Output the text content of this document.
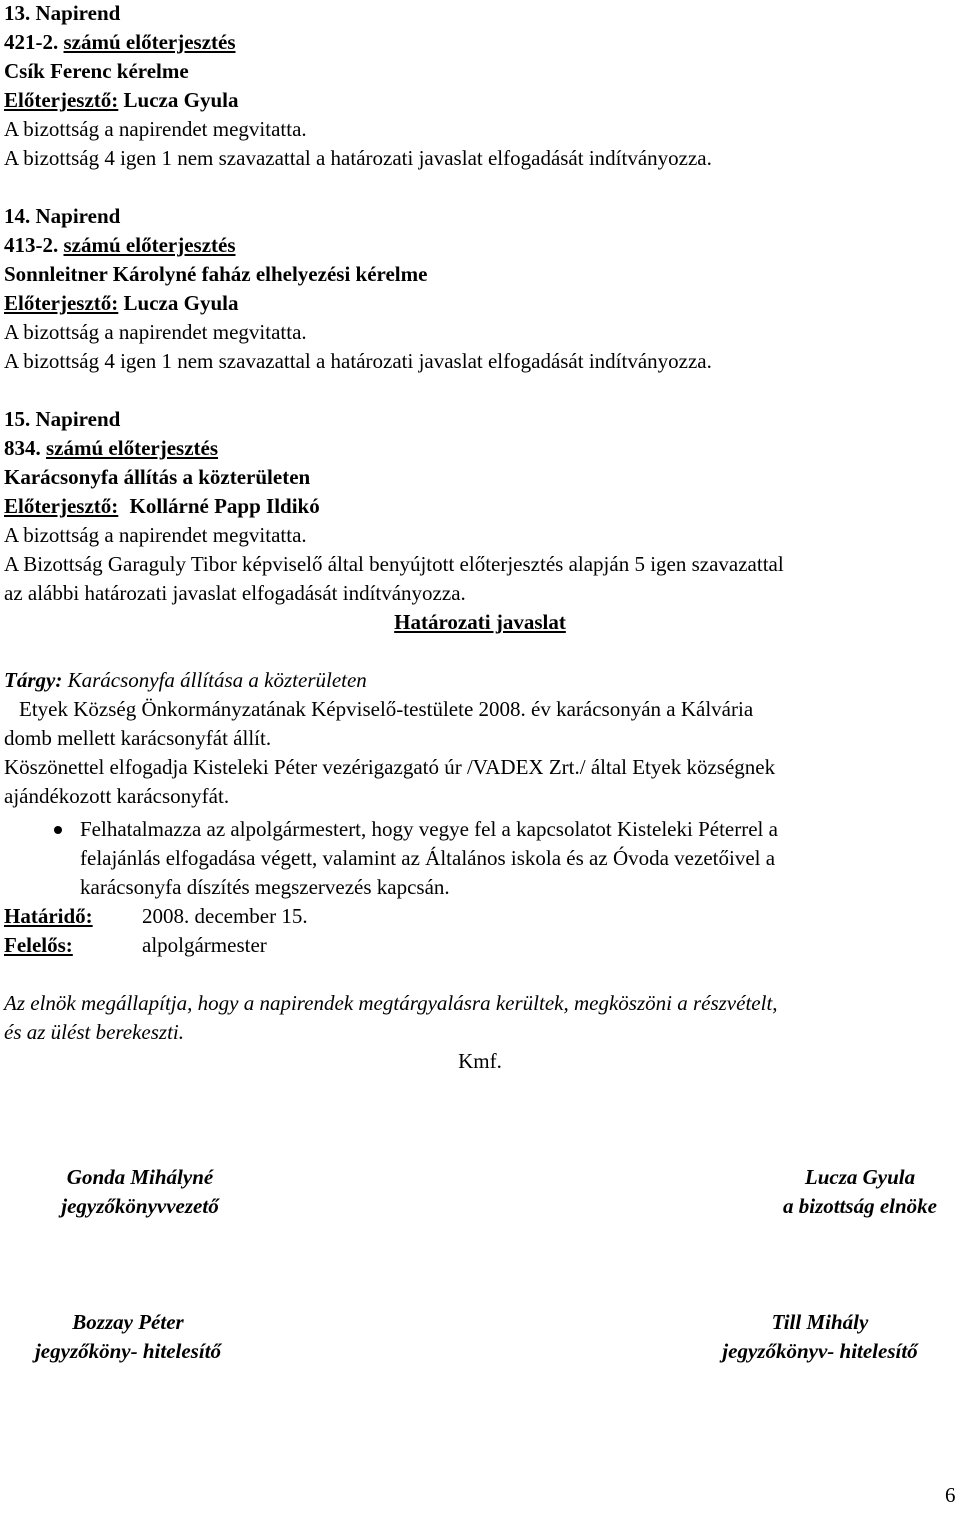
13. Napirend
421-2. számú előterjesztés
Csík Ferenc kérelme
Előterjesztő: Lucza Gyula
A bizottság a napirendet megvitatta.
A bizottság 4 igen 1 nem szavazattal a határozati javaslat elfogadását indítványozza.
14. Napirend
413-2. számú előterjesztés
Sonnleitner Károlyné faház elhelyezési kérelme
Előterjesztő: Lucza Gyula
A bizottság a napirendet megvitatta.
A bizottság 4 igen 1 nem szavazattal a határozati javaslat elfogadását indítványozza.
15. Napirend
834. számú előterjesztés
Karácsonyfa állítás a közterületen
Előterjesztő: Kollárné Papp Ildikó
A bizottság a napirendet megvitatta.
A Bizottság Garaguly Tibor képviselő által benyújtott előterjesztés alapján 5 igen szavazattal
az alábbi határozati javaslat elfogadását indítványozza.
Határozati javaslat
Tárgy: Karácsonyfa állítása a közterületen
Etyek Község Önkormányzatának Képviselő-testülete 2008. év karácsonyán a Kálvária
domb mellett karácsonyfát állít.
Köszönettel elfogadja Kisteleki Péter vezérigazgató úr /VADEX Zrt./ által Etyek községnek
ajándékozott karácsonyfát.
Felhatalmazza az alpolgármestert, hogy vegye fel a kapcsolatot Kisteleki Péterrel a
felajánlás elfogadása végett, valamint az Általános iskola és az Óvoda vezetőivel a
karácsonyfa díszítés megszervezés kapcsán.
Határidő: 2008. december 15.
Felelős:	alpolgármester
Az elnök megállapítja, hogy a napirendek megtárgyalásra kerültek, megköszöni a részvételt,
és az ülést berekeszti.
Kmf.
Gonda Mihályné
jegyzőkönyvvezető
Lucza Gyula
a bizottság elnöke
Bozzay Péter
jegyzőköny- hitelesítő
Till Mihály
jegyzőkönyv- hitelesítő
6
